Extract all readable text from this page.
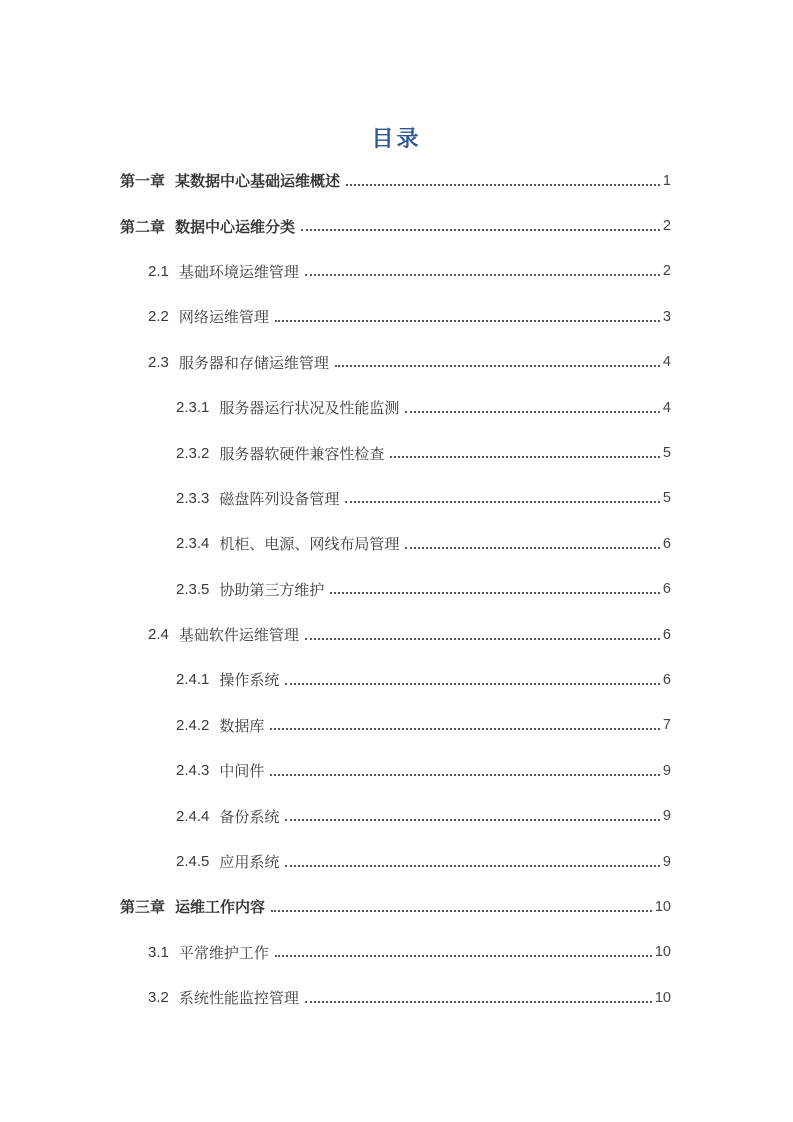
目录
第一章 某数据中心基础运维概述	1
第二章 数据中心运维分类	2
2.1 基础环境运维管理	2
2.2 网络运维管理	3
2.3 服务器和存储运维管理	4
2.3.1 服务器运行状况及性能监测	4
2.3.2 服务器软硬件兼容性检查	5
2.3.3 磁盘阵列设备管理	5
2.3.4 机柜、电源、网线布局管理	6
2.3.5 协助第三方维护	6
2.4 基础软件运维管理	6
2.4.1 操作系统	6
2.4.2 数据库	7
2.4.3 中间件	9
2.4.4 备份系统	9
2.4.5 应用系统	9
第三章 运维工作内容	10
3.1 平常维护工作	10
3.2 系统性能监控管理	10
